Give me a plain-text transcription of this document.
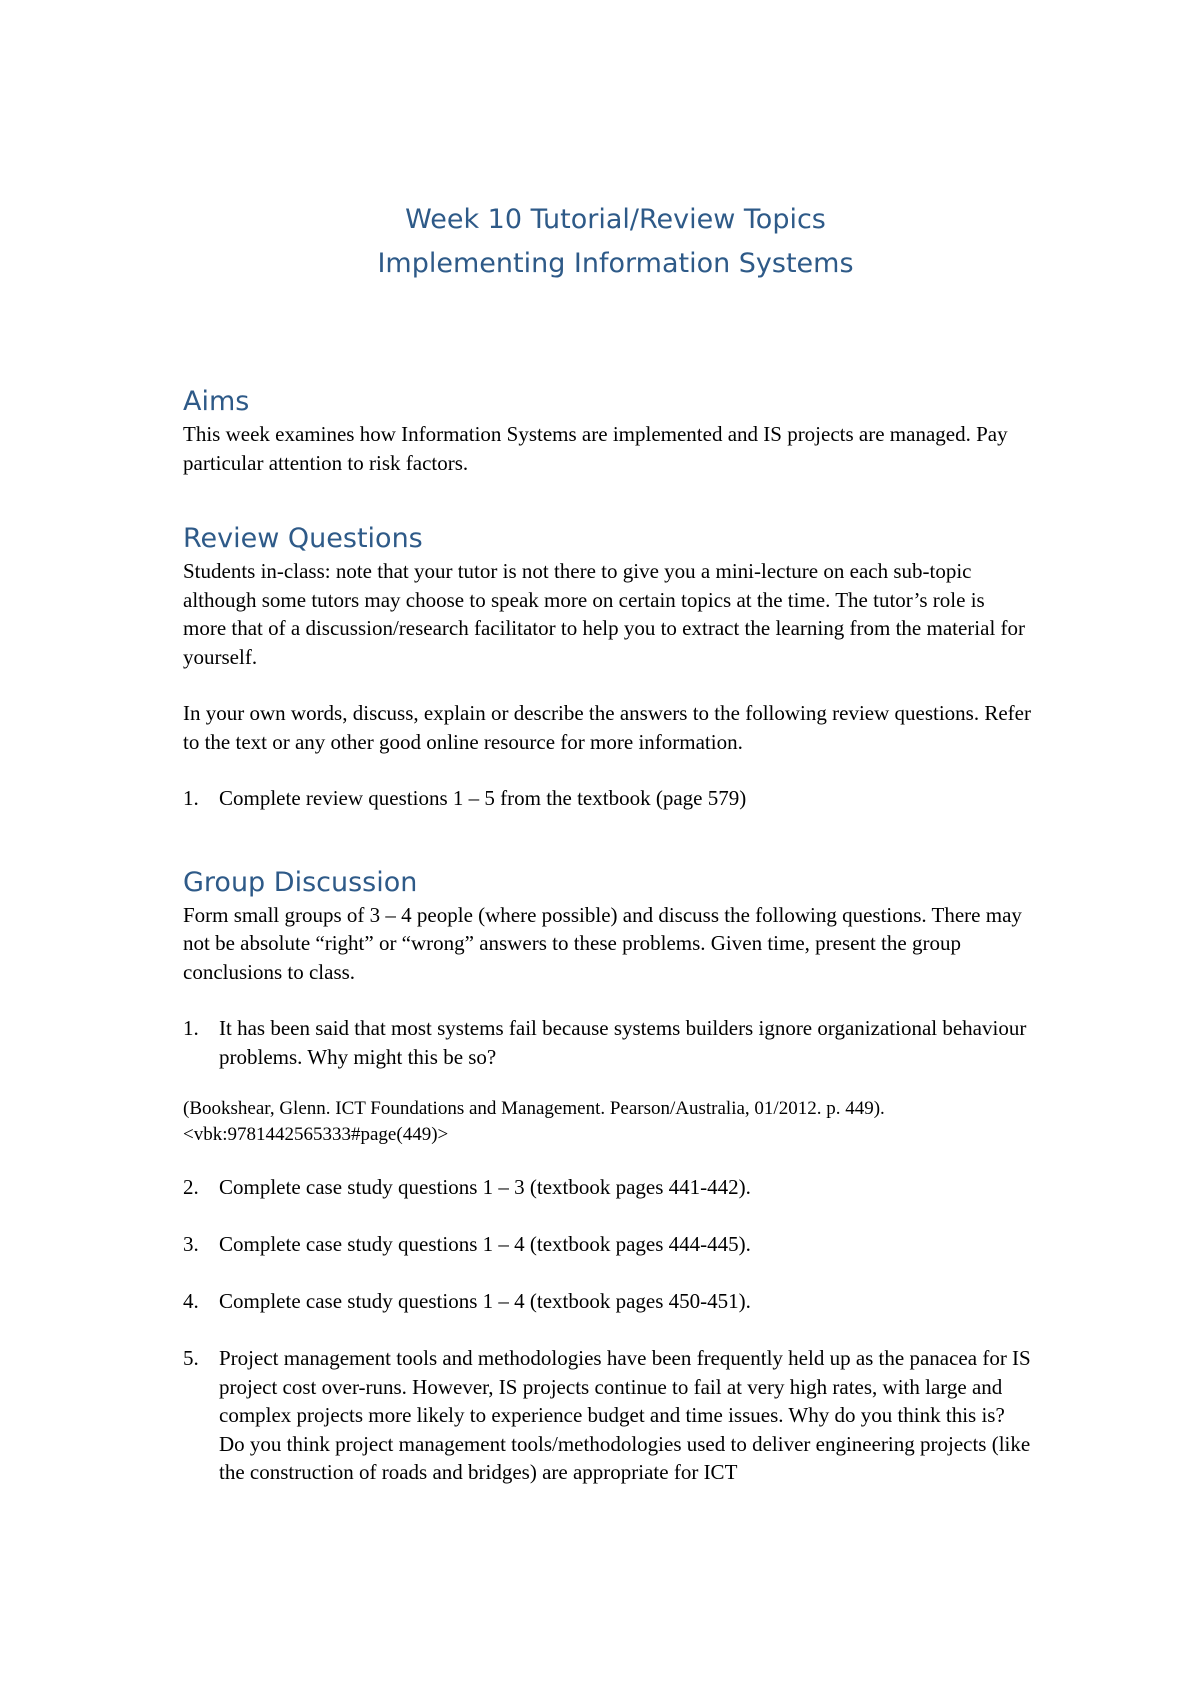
Week 10 Tutorial/Review Topics
Implementing Information Systems
Aims

This week examines how Information Systems are implemented and IS projects are managed. Pay particular attention to risk factors.

Review Questions

Students in-class: note that your tutor is not there to give you a mini-lecture on each sub-topic although some tutors may choose to speak more on certain topics at the time. The tutor’s role is more that of a discussion/research facilitator to help you to extract the learning from the material for yourself.

In your own words, discuss, explain or describe the answers to the following review questions. Refer to the text or any other good online resource for more information.

1. Complete review questions 1 – 5 from the textbook (page 579)
Group Discussion

Form small groups of 3 – 4 people (where possible) and discuss the following questions. There may not be absolute “right” or “wrong” answers to these problems. Given time, present the group conclusions to class.

1. It has been said that most systems fail because systems builders ignore organizational behaviour problems. Why might this be so?

(Bookshear, Glenn. ICT Foundations and Management. Pearson/Australia, 01/2012. p. 449). <vbk:9781442565333#page(449)>

2. Complete case study questions 1 – 3 (textbook pages 441-442).
3. Complete case study questions 1 – 4 (textbook pages 444-445).
4. Complete case study questions 1 – 4 (textbook pages 450-451).
5. Project management tools and methodologies have been frequently held up as the panacea for IS project cost over-runs. However, IS projects continue to fail at very high rates, with large and complex projects more likely to experience budget and time issues. Why do you think this is? Do you think project management tools/methodologies used to deliver engineering projects (like the construction of roads and bridges) are appropriate for ICT
